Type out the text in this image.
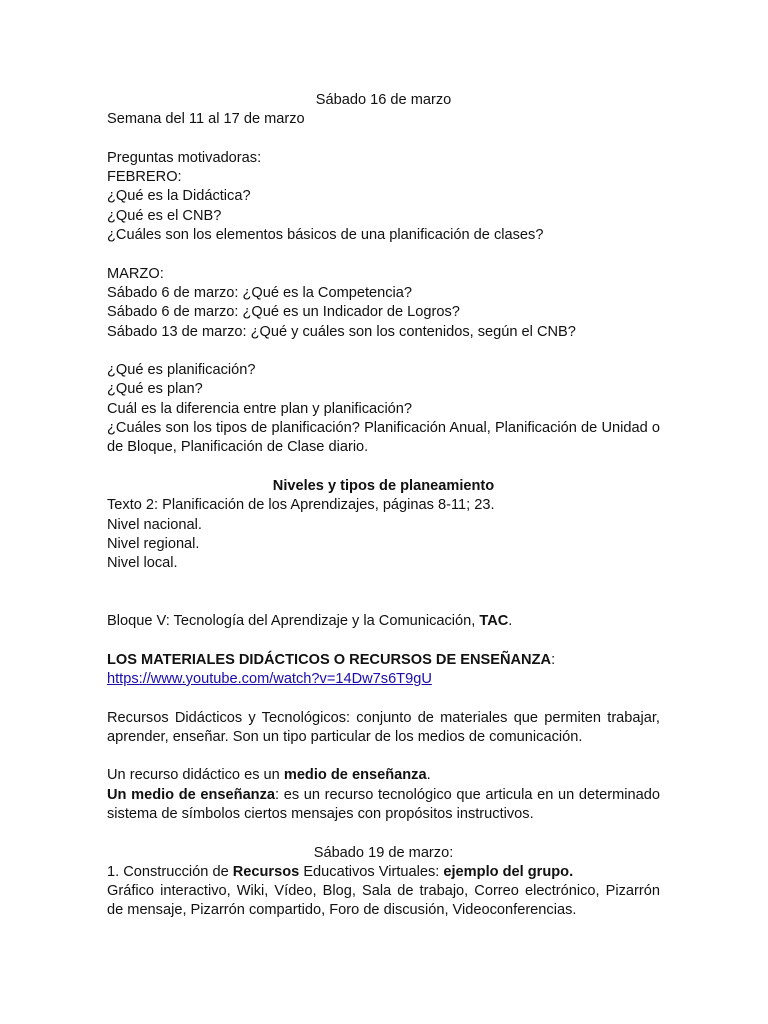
Sábado 16 de marzo

Semana del 11 al 17 de marzo

Preguntas motivadoras:

FEBRERO:

¿Qué es la Didáctica?

¿Qué es el CNB?

¿Cuáles son los elementos básicos de una planificación de clases?

MARZO:

Sábado 6 de marzo: ¿Qué es la Competencia?

Sábado 6 de marzo: ¿Qué es un Indicador de Logros?

Sábado 13 de marzo: ¿Qué y cuáles son los contenidos, según el CNB?

¿Qué es planificación?

¿Qué es plan?

Cuál es la diferencia entre plan y planificación?

¿Cuáles son los tipos de planificación? Planificación Anual, Planificación de Unidad o de Bloque, Planificación de Clase diario.

Niveles y tipos de planeamiento

Texto 2: Planificación de los Aprendizajes, páginas 8-11; 23.

Nivel nacional.

Nivel regional.

Nivel local.

Bloque V: Tecnología del Aprendizaje y la Comunicación, TAC.

LOS MATERIALES DIDÁCTICOS O RECURSOS DE ENSEÑANZA:

https://www.youtube.com/watch?v=14Dw7s6T9gU

Recursos Didácticos y Tecnológicos: conjunto de materiales que permiten trabajar, aprender, enseñar. Son un tipo particular de los medios de comunicación.

Un recurso didáctico es un medio de enseñanza.

Un medio de enseñanza: es un recurso tecnológico que articula en un determinado sistema de símbolos ciertos mensajes con propósitos instructivos.

Sábado 19 de marzo:

1. Construcción de Recursos Educativos Virtuales: ejemplo del grupo.

Gráfico interactivo, Wiki, Vídeo, Blog, Sala de trabajo, Correo electrónico, Pizarrón de mensaje, Pizarrón compartido, Foro de discusión, Videoconferencias.
